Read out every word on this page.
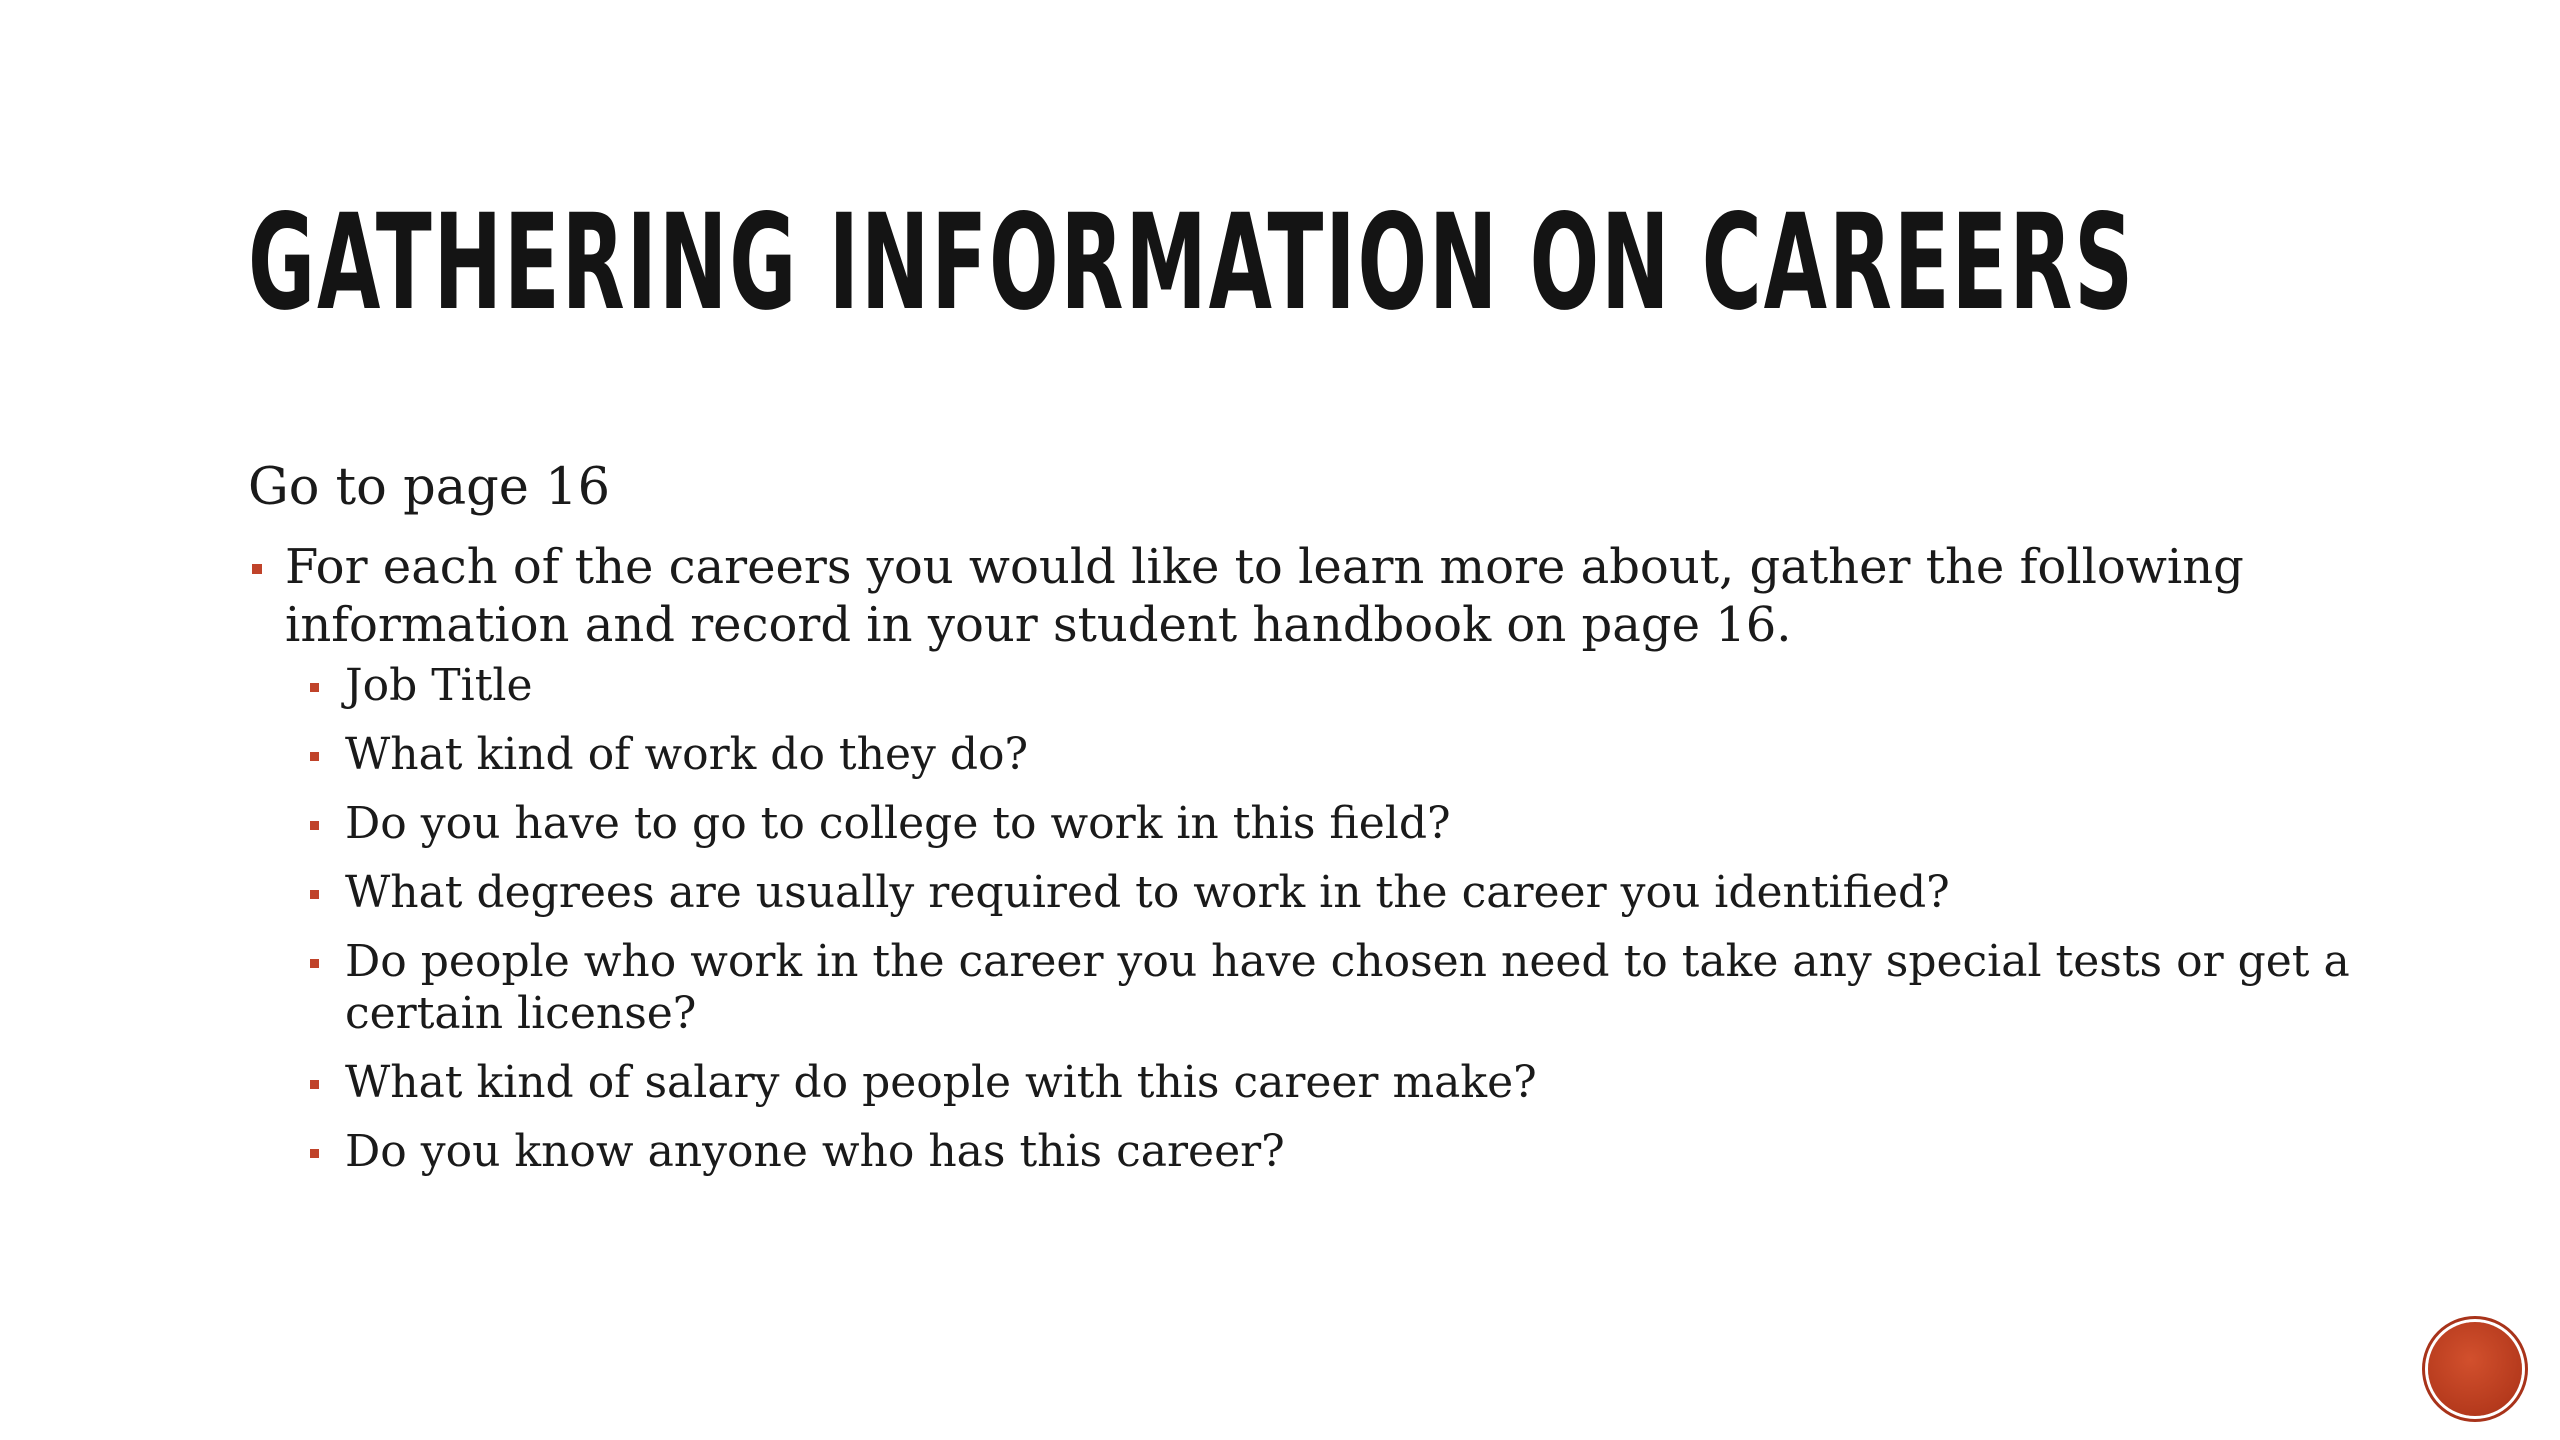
GATHERING INFORMATION ON CAREERS

Go to page 16

For each of the careers you would like to learn more about, gather the following information and record in your student handbook on page 16.
Job Title
What kind of work do they do?
Do you have to go to college to work in this field?
What degrees are usually required to work in the career you identified?
Do people who work in the career you have chosen need to take any special tests or get a certain license?
What kind of salary do people with this career make?
Do you know anyone who has this career?
